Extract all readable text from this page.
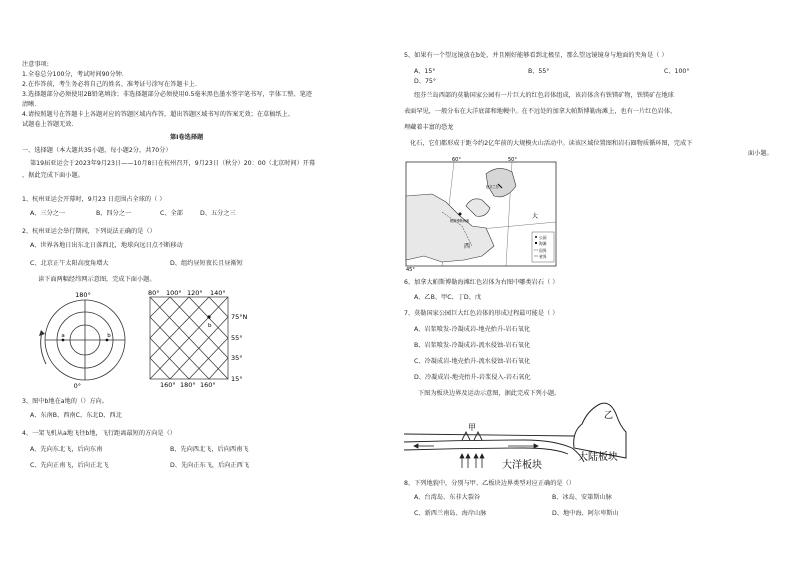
注意事项:
1.全卷总分100分，考试时间90分钟.
2.在作答前，考生务必将自己的姓名、准考证号涂写在答题卡上.
3.选择题部分必须使用2B铅笔填涂；非选择题部分必须使用0.5毫米黑色墨水签字笔书写，字体工整、笔迹
清晰.
4.请按照题号在答题卡上各题对应的答题区域内作答，超出答题区域书写的答案无效；在草稿纸上、
试题卷上答题无效.
第Ⅰ卷选择题
一、选择题（本大题共35小题，每小题2分，共70分）
第19届亚运会于2023年9月23日——10月8日在杭州召开，9月23日（秋分）20：00（北京时间）开幕
，据此完成下面小题。
1、杭州亚运会开幕时，9月23 日范围占全球的（ ）
A、三分之一	B、四分之一	C、全部	D、五分之三
2、杭州亚运会举行期间，下列说法正确的是（）
A、世界各地日出东北日落西北，地球向远日点不断移动
C、北京正午太阳高度角增大	D、组约昼短夜长且昼渐短
读下面两幅经纬网示意图，完成下面小题。
180°
0°
a	b
b
80° 100° 120° 140°
160° 180° 160°
75°N
55°
35°
15°
3、图中b地在a地的（）方向。
A、东南B、西南C、东北D、西北
4、一架飞机从a地飞往b地，飞行距离最短的方向是（）
A、先向东北飞，后向东南	B、先向西北飞，后向西南飞
C、先向正南飞，后向正北飞	D、先向正东飞，后向正西飞
5、如果有一个望远镜放在b处，并且刚好能够看到北极星，那么望远镜镜身与地面的夹角是（ ）
A、15°	B、55°	C、100°
D、75°
纽芬兰岛西部的莫勒国家公园有一片巨大的红色岩体组成，该岩体含有铁镁矿物，铁镁矿在地球
表面罕见，一般分布在大洋底部和地幔中。在不远处的加拿大帕斯博勒海滩上，也有一片红色岩体，
埋藏着丰富的恐龙
化石，它们都形成于距今约2亿年前的大规模火山活动中。读该区域位置图和岩石圈物质循环图，完成下
面小题。
60°	50°
45°
大
西
纽芬兰岛
帕斯博勒海滩
公园
海滩
国界
省界
6、加拿大帕斯博勒海滩红色岩体为右图中哪类岩石（ ）
A、乙B、甲C、丁D、戊
7、莫勒国家公园巨大红色岩体的形成过程最可能是（ ）
A、岩浆喷发-冷凝成岩-地壳抬升-岩石氧化
B、岩浆喷发-冷凝成岩-流水侵蚀-岩石氧化
C、冷凝成岩-地壳抬升-流水侵蚀-岩石氧化
D、冷凝成岩-地壳抬升-岩浆侵入-岩石氧化
下图为板块边界及运动示意图，据此完成下列小题。
乙
甲
大洋板块
大陆板块
8、下列地貌中，分别与甲、乙板块边界类型对应正确的是（）
A、台湾岛、东非大裂谷	B、冰岛、安第斯山脉
C、新西兰南岛、海岸山脉	D、地中海、阿尔卑斯山
